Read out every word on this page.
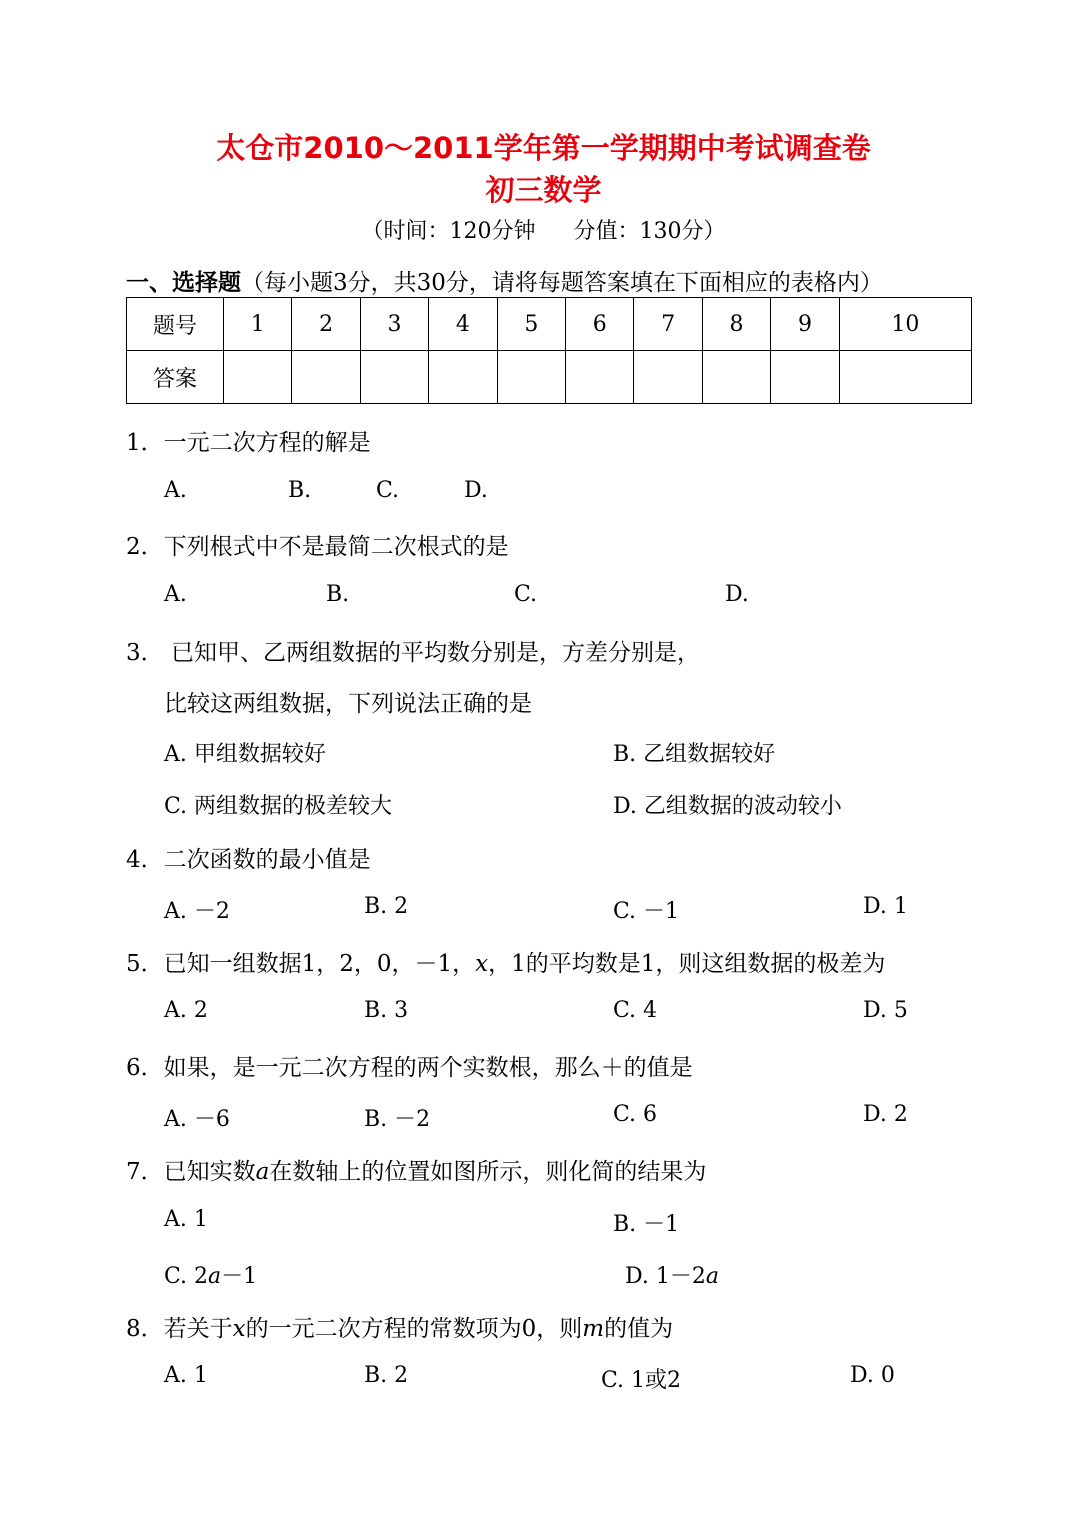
太仓市2010～2011学年第一学期期中考试调查卷
初三数学
（时间：120分钟 分值：130分）
一、选择题（每小题3分，共30分，请将每题答案填在下面相应的表格内）
题号	1	2	3	4	5	6	7	8	9	10
答案										
1．一元二次方程的解是
A.	B.	C.	D.
2．下列根式中不是最简二次根式的是
A.	B.	C.	D.
3． 已知甲、乙两组数据的平均数分别是，方差分别是，
比较这两组数据，下列说法正确的是
A. 甲组数据较好	B. 乙组数据较好
C. 两组数据的极差较大	D. 乙组数据的波动较小
4．二次函数的最小值是
A. －2	B. 2	C. －1	D. 1
5．已知一组数据1，2，0，－1，x，1的平均数是1，则这组数据的极差为
A. 2	B. 3	C. 4	D. 5
6．如果，是一元二次方程的两个实数根，那么＋的值是
A. －6	B. －2	C. 6	D. 2
7．已知实数a在数轴上的位置如图所示，则化简的结果为
A. 1	B. －1
C. 2a－1	D. 1－2a
8．若关于x的一元二次方程的常数项为0，则m的值为
A. 1	B. 2	C. 1或2	D. 0
